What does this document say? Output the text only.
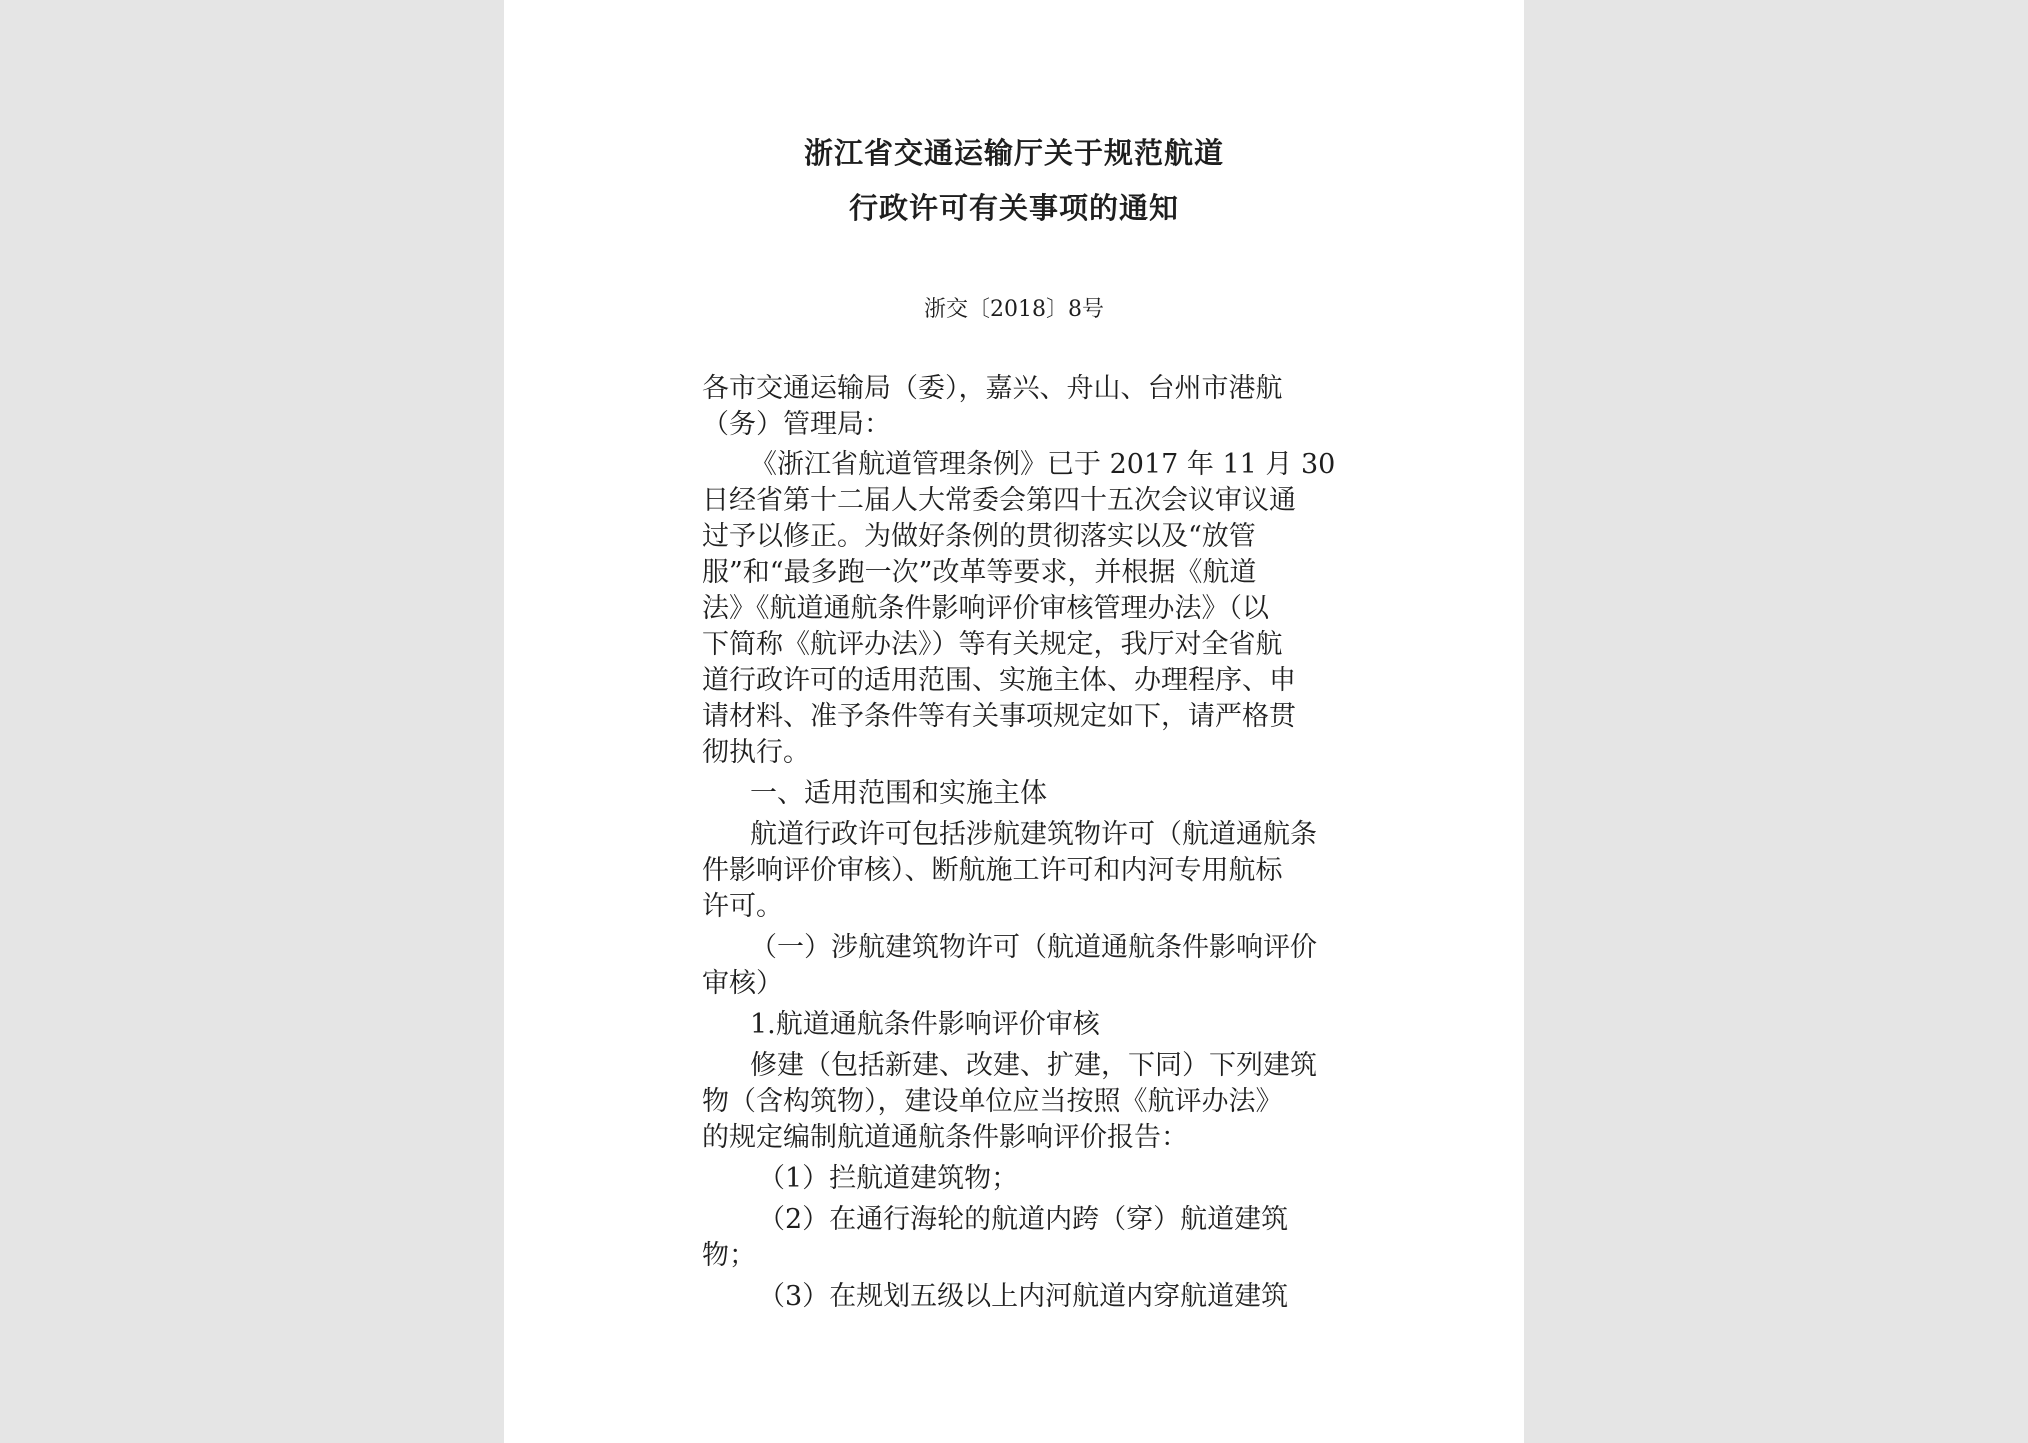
浙江省交通运输厅关于规范航道
行政许可有关事项的通知
浙交〔2018〕8号
各市交通运输局（委），嘉兴、舟山、台州市港航
（务）管理局：
《浙江省航道管理条例》已于 2017 年 11 月 30
日经省第十二届人大常委会第四十五次会议审议通
过予以修正。为做好条例的贯彻落实以及“放管
服”和“最多跑一次”改革等要求，并根据《航道
法》《航道通航条件影响评价审核管理办法》（以
下简称《航评办法》）等有关规定，我厅对全省航
道行政许可的适用范围、实施主体、办理程序、申
请材料、准予条件等有关事项规定如下，请严格贯
彻执行。
一、适用范围和实施主体
航道行政许可包括涉航建筑物许可（航道通航条
件影响评价审核）、断航施工许可和内河专用航标
许可。
（一）涉航建筑物许可（航道通航条件影响评价
审核）
1.航道通航条件影响评价审核
修建（包括新建、改建、扩建，下同）下列建筑
物（含构筑物），建设单位应当按照《航评办法》
的规定编制航道通航条件影响评价报告：
（1）拦航道建筑物；
（2）在通行海轮的航道内跨（穿）航道建筑
物；
（3）在规划五级以上内河航道内穿航道建筑
